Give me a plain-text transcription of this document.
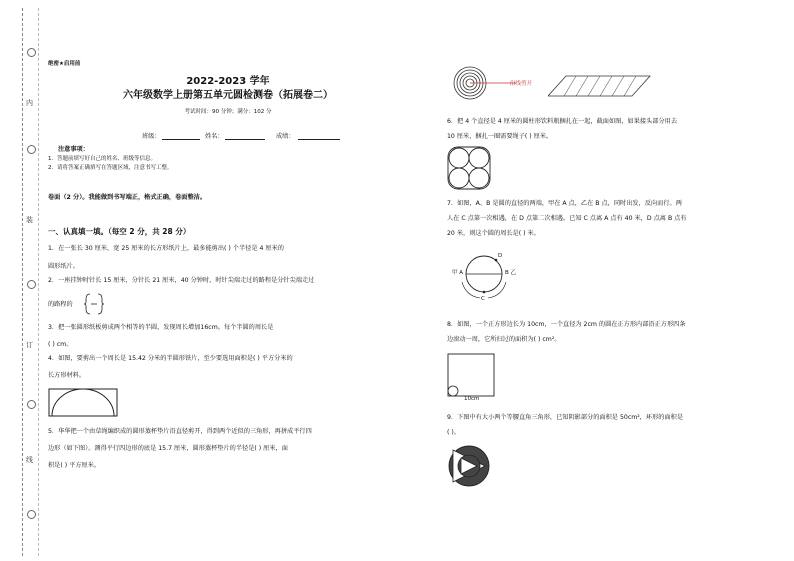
内
装
订
线
绝密★启用前
2022-2023 学年
六年级数学上册第五单元圆检测卷（拓展卷二）
考试时间：90 分钟；满分：102 分
班级：	姓名：	成绩：
注意事项：
1．答题前填写好自己的姓名、班级等信息。
2．请将答案正确填写在答题区域，注意书写工整。
卷面（2 分）。我能做到书写端正，格式正确，卷面整洁。
一、认真填一填。（每空 2 分，共 28 分）
1．在一张长 30 厘米，宽 25 厘米的长方形纸片上，最多能剪出( ) 个半径是 4 厘米的
圆形纸片。
2．一座挂钟时针长 15 厘米，分针长 21 厘米，40 分钟时，时针尖端走过的路程是分针尖端走过
的路程的
3．把一张圆形纸板剪成两个相等的半圆，发现周长增加16cm。每个半圆的周长是
( ) cm。
4．如图，要剪出一个周长是 15.42 分米的半圆形铁片，至少要选用面积是( ) 平方分米的
长方形材料。
5．华华把一个由草绳编织成的圆形蒸杯垫片沿直径剪开，得到两个近似的三角形，再拼成平行四
边形（如下图）。测得平行四边形的底是 15.7 厘米，圆形蒸杯垫片的半径是( ) 厘米，面
积是( ) 平方厘米。
沿线剪开
6．把 4 个直径是 4 厘米的圆柱形饮料瓶捆扎在一起，截面如图，如果接头部分用去
10 厘米，捆扎一圈需要绳子( ) 厘米。
7．如图，A、B 是圆的直径的两端，甲在 A 点，乙在 B 点，同时出发，反向而行。两
人在 C 点第一次相遇，在 D 点第二次相遇。已知 C 点离 A 点有 40 米，D 点离 B 点有
20 米，则这个圆的周长是( ) 米。
甲 A	B 乙
C
D
8．如图，一个正方形边长为 10cm，一个直径为 2cm 的圆在正方形内部沿正方形四条
边滚动一周，它所扫过的面积为( ) cm²。
10cm
9．下图中有大小两个等腰直角三角形，已知阴影部分的面积是 50cm²，环形的面积是
( )。
